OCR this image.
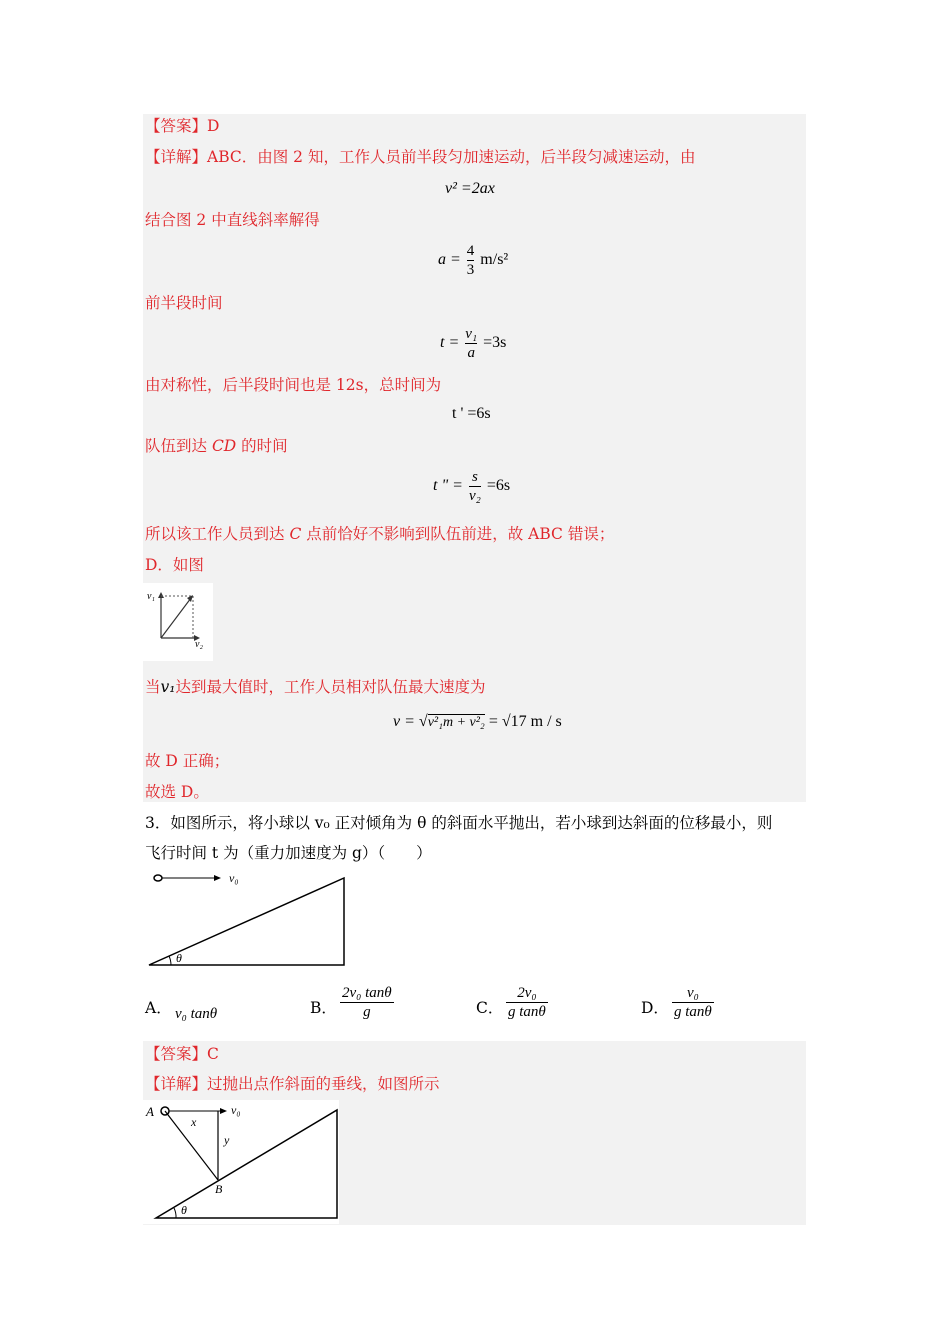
【答案】D
【详解】ABC．由图 2 知，工作人员前半段匀加速运动，后半段匀减速运动，由
v² =2ax
结合图 2 中直线斜率解得
$a = \frac{4}{3} m/s^2$
前半段时间
$t = \frac{\text{v₁}}{a} =3s$
由对称性，后半段时间也是 12s，总时间为
t ' =6s
队伍到达 CD 的时间
t " = $\frac{s}{\text{v₂}} =6s$
所以该工作人员到达 C 点前恰好不影响到队伍前进，故 ABC 错误；
D．如图
v₁
v₂
当v₁达到最大值时，工作人员相对队伍最大速度为
v = √v²₁m + v²₂ = √17 m / s
故 D 正确；
故选 D。
3．如图所示，将小球以 v₀ 正对倾角为 θ 的斜面水平抛出，若小球到达斜面的位移最小，则
飞行时间 t 为（重力加速度为 g）（　　）
v₀
θ
A． v₀ tanθ	B． $\frac{\text{2v₀ tanθ}}{g}$	C． $\frac{\text{2v₀}}{\text{g tanθ}}$	D． $\frac{\text{v₀}}{\text{g tanθ}}$
【答案】C
【详解】过抛出点作斜面的垂线，如图所示
A	v₀
x
y
B
θ
